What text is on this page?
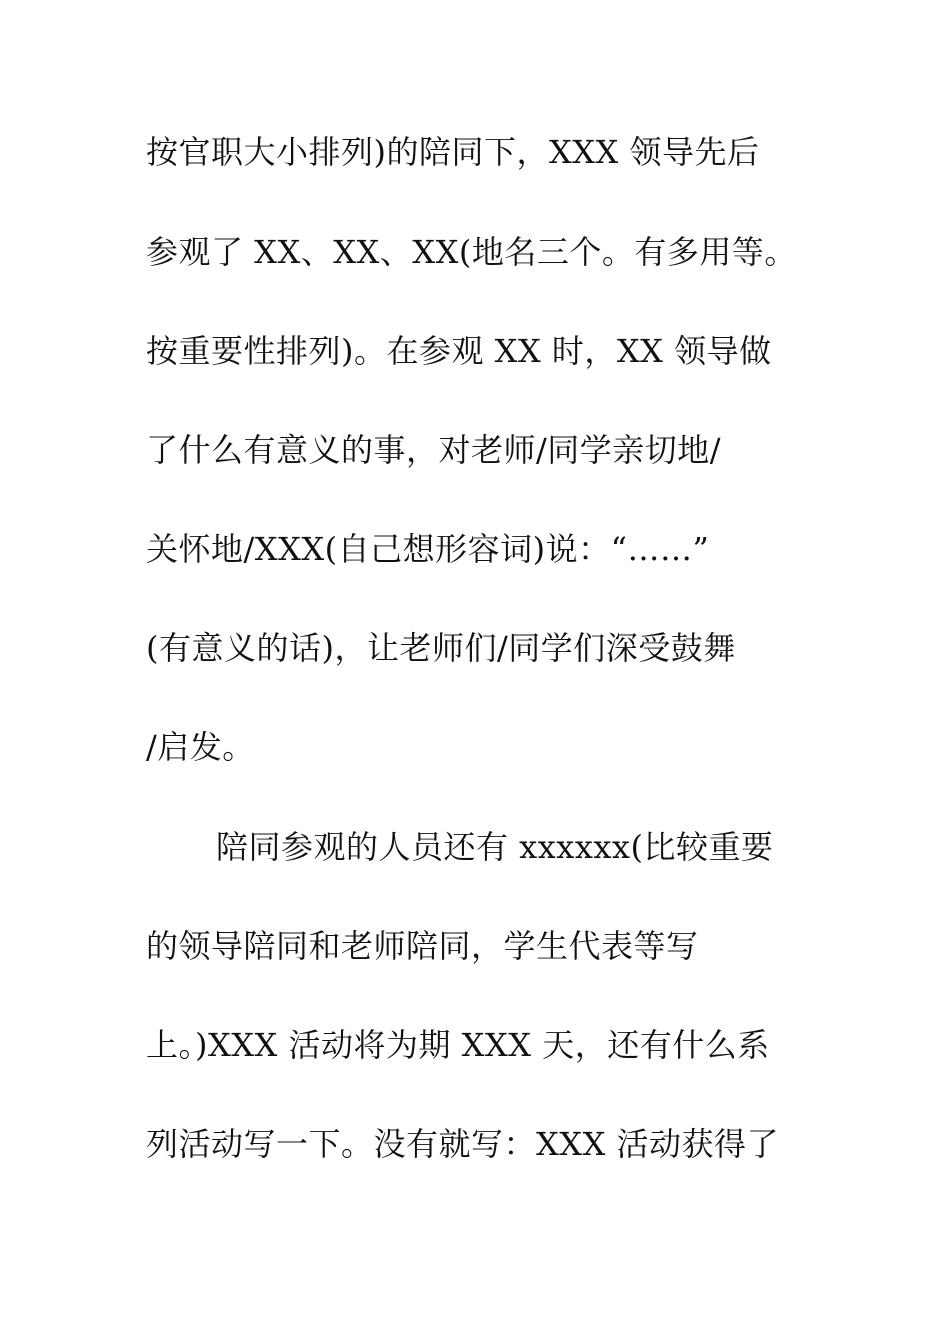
按官职大小排列)的陪同下，XXX 领导先后
参观了 XX、XX、XX(地名三个。有多用等。
按重要性排列)。在参观 XX 时，XX 领导做
了什么有意义的事，对老师/同学亲切地/
关怀地/XXX(自己想形容词)说：“……”
(有意义的话)，让老师们/同学们深受鼓舞
/启发。
陪同参观的人员还有 xxxxxx(比较重要
的领导陪同和老师陪同，学生代表等写
上。)XXX 活动将为期 XXX 天，还有什么系
列活动写一下。没有就写：XXX 活动获得了
